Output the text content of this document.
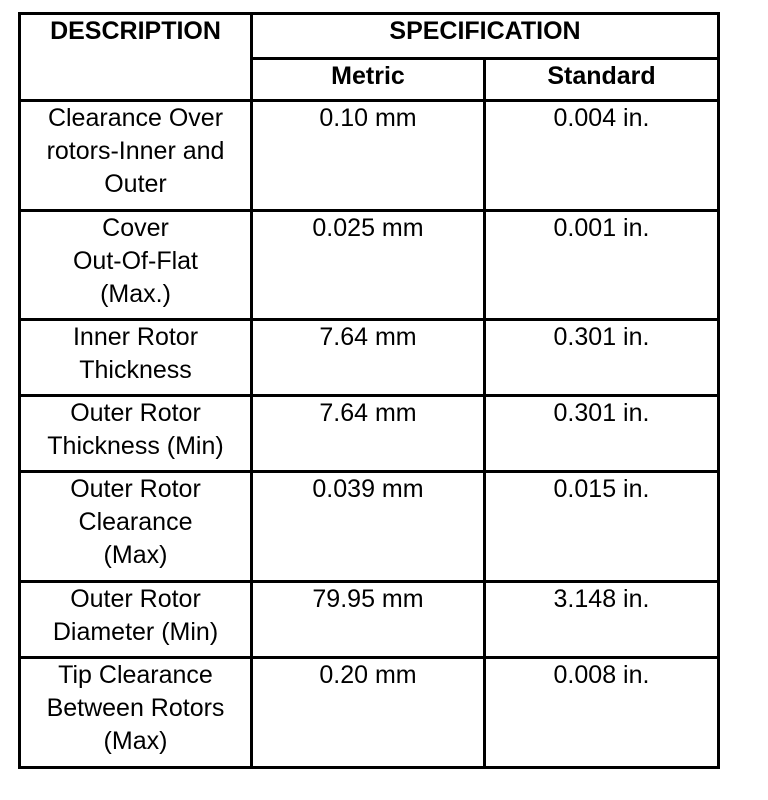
DESCRIPTION	SPECIFICATION	
	Metric	Standard

Clearance Over
rotors-Inner and
Outer	0.10 mm	0.004 in.

Cover
Out-Of-Flat
(Max.)	0.025 mm	0.001 in.

Inner Rotor
Thickness	7.64 mm	0.301 in.

Outer Rotor
Thickness (Min)	7.64 mm	0.301 in.

Outer Rotor
Clearance
(Max)	0.039 mm	0.015 in.

Outer Rotor
Diameter (Min)	79.95 mm	3.148 in.

Tip Clearance
Between Rotors
(Max)	0.20 mm	0.008 in.
